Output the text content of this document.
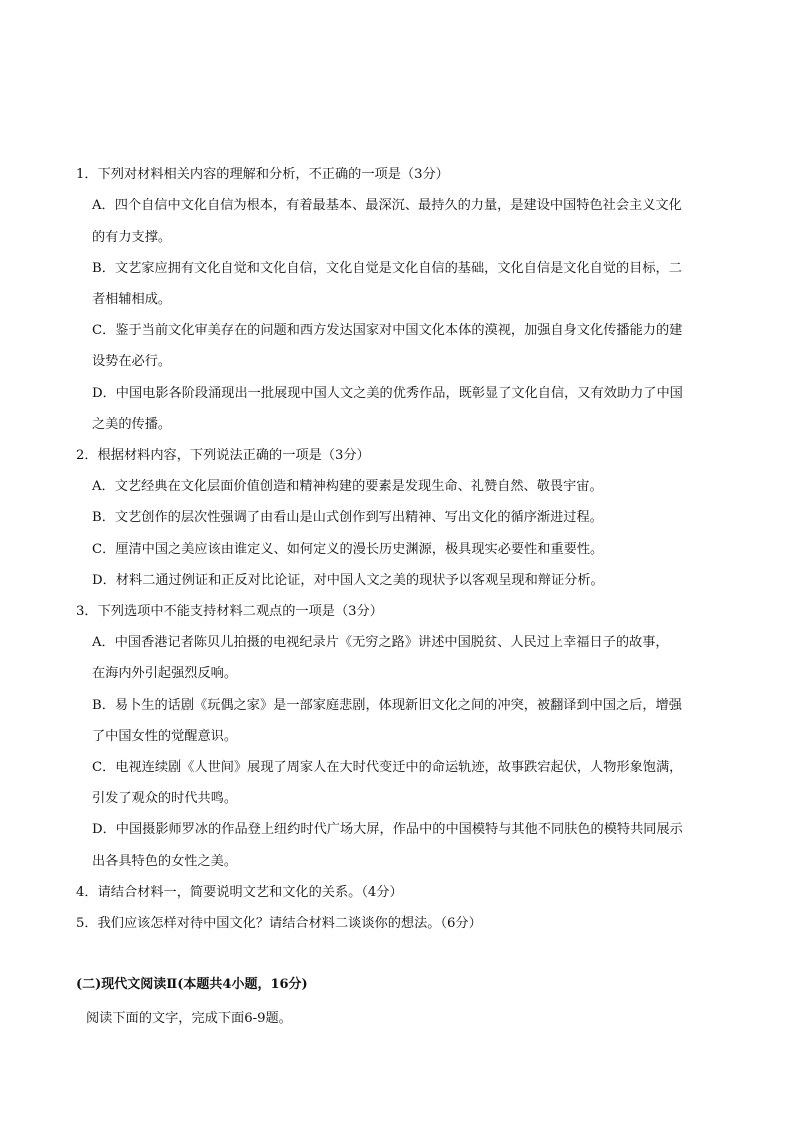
1．下列对材料相关内容的理解和分析，不正确的一项是（3分）
A．四个自信中文化自信为根本，有着最基本、最深沉、最持久的力量，是建设中国特色社会主义文化
的有力支撑。
B．文艺家应拥有文化自觉和文化自信，文化自觉是文化自信的基础，文化自信是文化自觉的目标，二
者相辅相成。
C．鉴于当前文化审美存在的问题和西方发达国家对中国文化本体的漠视，加强自身文化传播能力的建
设势在必行。
D．中国电影各阶段涌现出一批展现中国人文之美的优秀作品，既彰显了文化自信，又有效助力了中国
之美的传播。
2．根据材料内容，下列说法正确的一项是（3分）
A．文艺经典在文化层面价值创造和精神构建的要素是发现生命、礼赞自然、敬畏宇宙。
B．文艺创作的层次性强调了由看山是山式创作到写出精神、写出文化的循序渐进过程。
C．厘清中国之美应该由谁定义、如何定义的漫长历史渊源，极具现实必要性和重要性。
D．材料二通过例证和正反对比论证，对中国人文之美的现状予以客观呈现和辩证分析。
3．下列选项中不能支持材料二观点的一项是（3分）
A．中国香港记者陈贝儿拍摄的电视纪录片《无穷之路》讲述中国脱贫、人民过上幸福日子的故事，
在海内外引起强烈反响。
B．易卜生的话剧《玩偶之家》是一部家庭悲剧，体现新旧文化之间的冲突，被翻译到中国之后，增强
了中国女性的觉醒意识。
C．电视连续剧《人世间》展现了周家人在大时代变迁中的命运轨迹，故事跌宕起伏，人物形象饱满，
引发了观众的时代共鸣。
D．中国摄影师罗冰的作品登上纽约时代广场大屏，作品中的中国模特与其他不同肤色的模特共同展示
出各具特色的女性之美。
4．请结合材料一，简要说明文艺和文化的关系。（4分）
5．我们应该怎样对待中国文化？请结合材料二谈谈你的想法。（6分）
(二)现代文阅读Ⅱ(本题共4小题，16分)
阅读下面的文字，完成下面6-9题。
